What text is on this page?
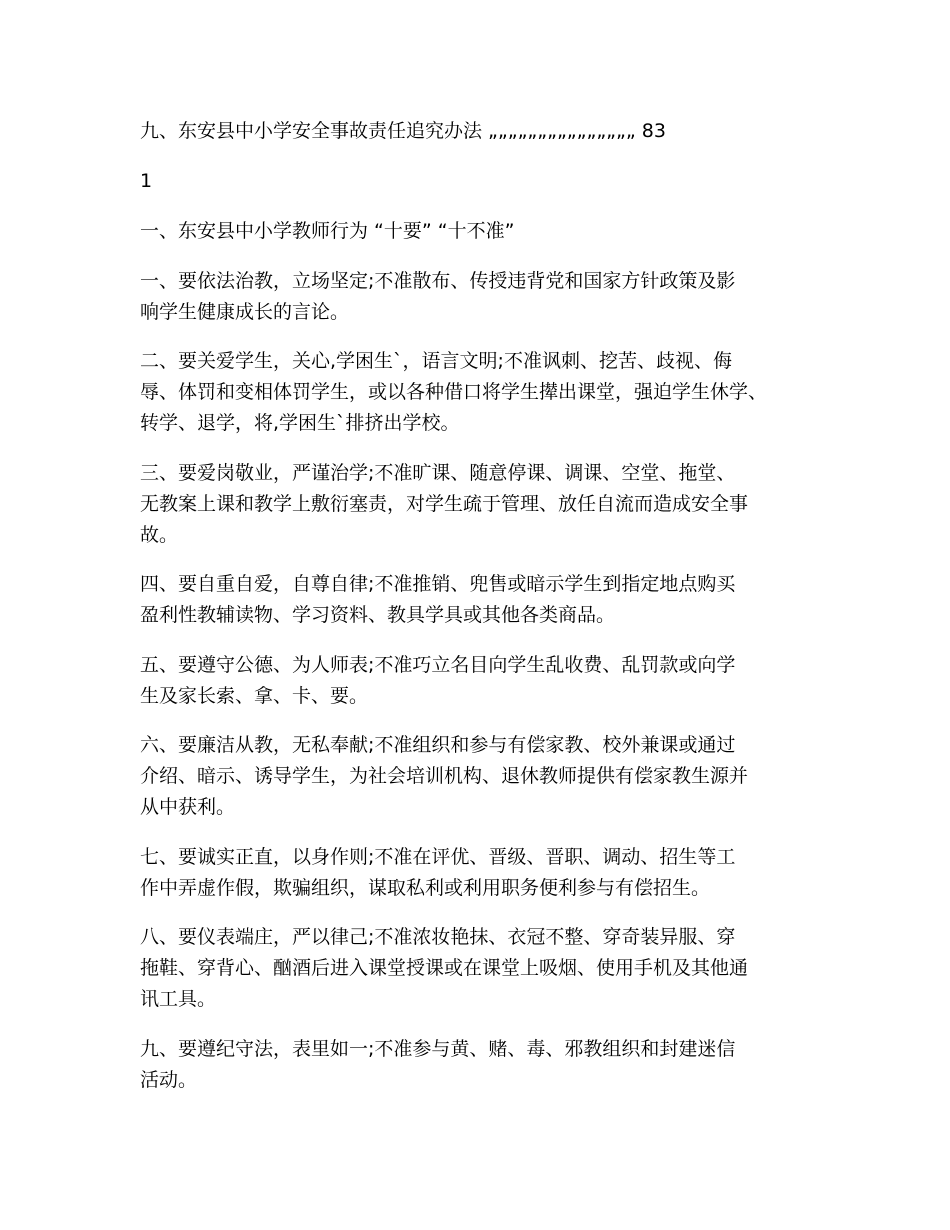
九、东安县中小学安全事故责任追究办法 „„„„„„„„„„„„„„„ 83
1
一、东安县中小学教师行为 “十要” “十不准”
一、要依法治教，立场坚定;不准散布、传授违背党和国家方针政策及影
响学生健康成长的言论。
二、要关爱学生，关心,学困生`，语言文明;不准讽刺、挖苦、歧视、侮
辱、体罚和变相体罚学生，或以各种借口将学生撵出课堂，强迫学生休学、
转学、退学，将,学困生`排挤出学校。
三、要爱岗敬业，严谨治学;不准旷课、随意停课、调课、空堂、拖堂、
无教案上课和教学上敷衍塞责，对学生疏于管理、放任自流而造成安全事
故。
四、要自重自爱，自尊自律;不准推销、兜售或暗示学生到指定地点购买
盈利性教辅读物、学习资料、教具学具或其他各类商品。
五、要遵守公德、为人师表;不准巧立名目向学生乱收费、乱罚款或向学
生及家长索、拿、卡、要。
六、要廉洁从教，无私奉献;不准组织和参与有偿家教、校外兼课或通过
介绍、暗示、诱导学生，为社会培训机构、退休教师提供有偿家教生源并
从中获利。
七、要诚实正直，以身作则;不准在评优、晋级、晋职、调动、招生等工
作中弄虚作假，欺骗组织，谋取私利或利用职务便利参与有偿招生。
八、要仪表端庄，严以律己;不准浓妆艳抹、衣冠不整、穿奇装异服、穿
拖鞋、穿背心、酗酒后进入课堂授课或在课堂上吸烟、使用手机及其他通
讯工具。
九、要遵纪守法，表里如一;不准参与黄、赌、毒、邪教组织和封建迷信
活动。
